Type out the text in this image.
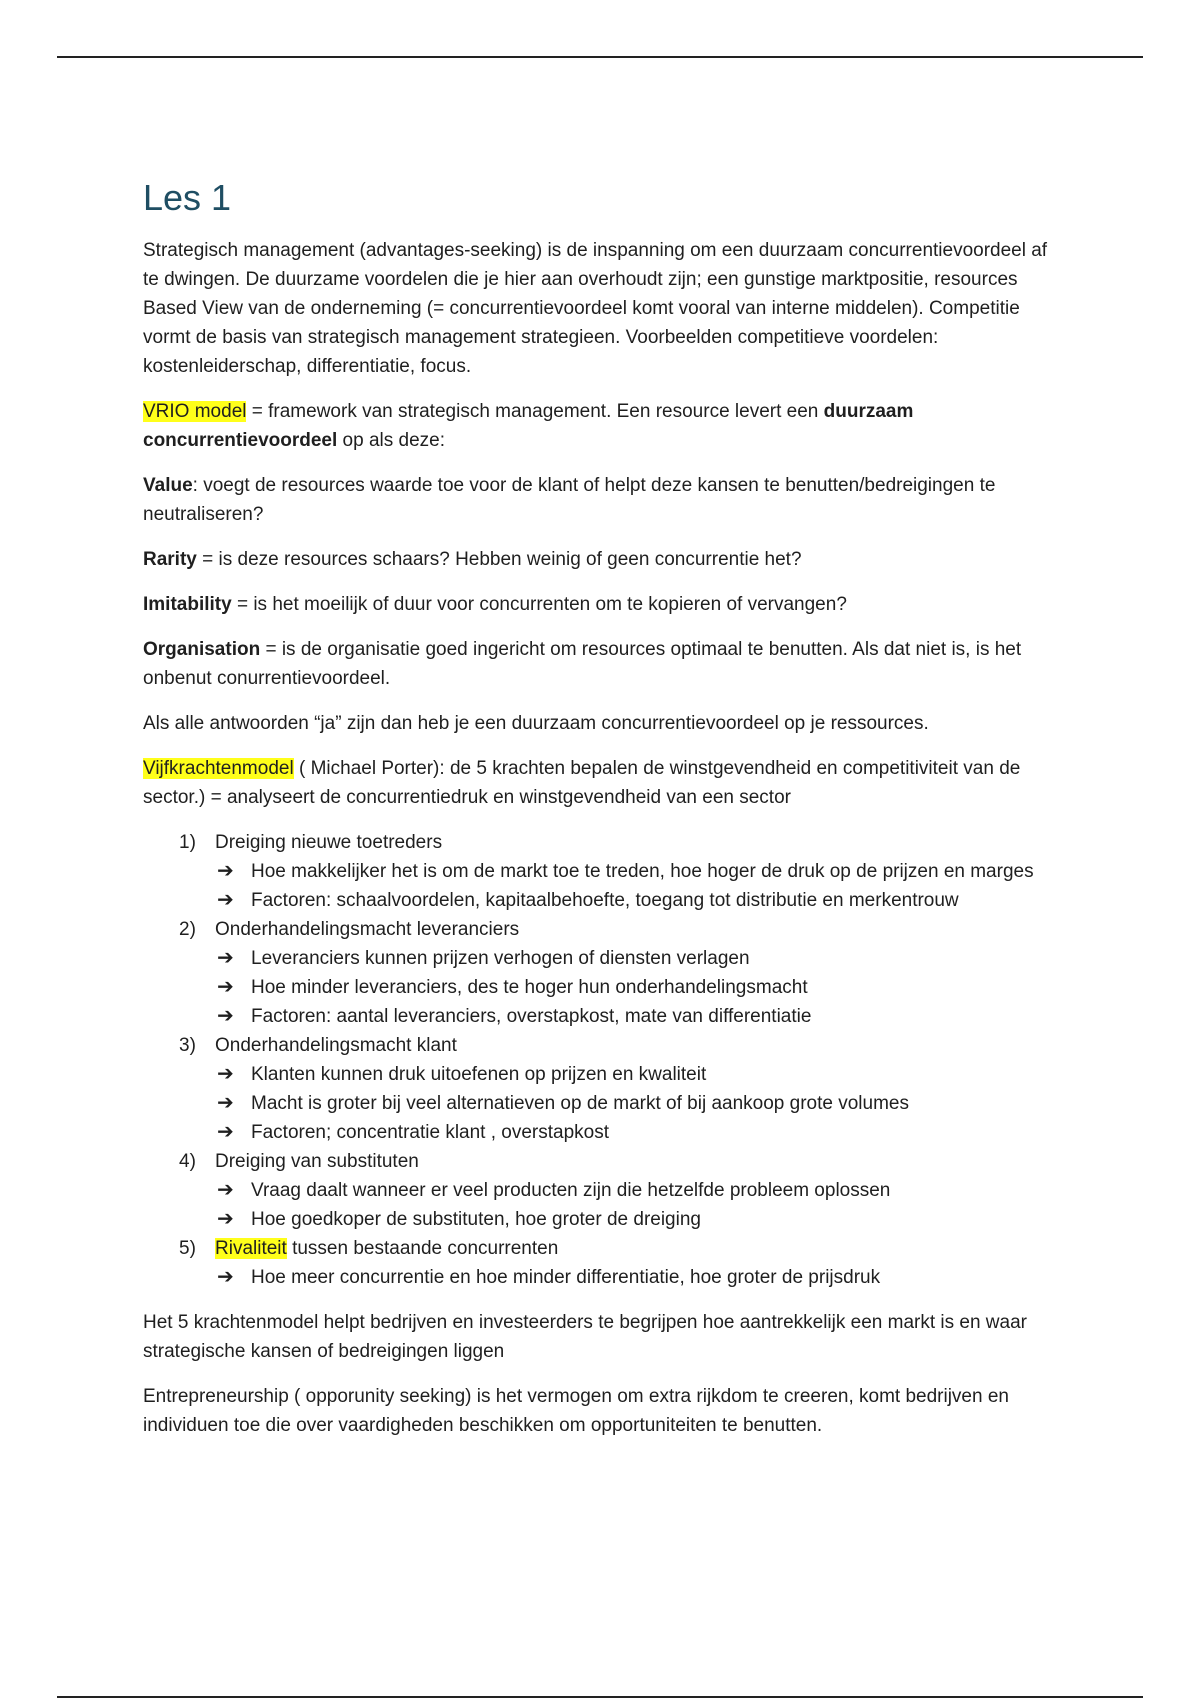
Les 1

Strategisch management (advantages-seeking) is de inspanning om een duurzaam concurrentievoordeel af te dwingen. De duurzame voordelen die je hier aan overhoudt zijn; een gunstige marktpositie, resources Based View van de onderneming (= concurrentievoordeel komt vooral van interne middelen). Competitie vormt de basis van strategisch management strategieen. Voorbeelden competitieve voordelen: kostenleiderschap, differentiatie, focus.

VRIO model = framework van strategisch management. Een resource levert een duurzaam concurrentievoordeel op als deze:

Value: voegt de resources waarde toe voor de klant of helpt deze kansen te benutten/bedreigingen te neutraliseren?

Rarity = is deze resources schaars? Hebben weinig of geen concurrentie het?

Imitability = is het moeilijk of duur voor concurrenten om te kopieren of vervangen?

Organisation = is de organisatie goed ingericht om resources optimaal te benutten. Als dat niet is, is het onbenut conurrentievoordeel.

Als alle antwoorden “ja” zijn dan heb je een duurzaam concurrentievoordeel op je ressources.

Vijfkrachtenmodel ( Michael Porter): de 5 krachten bepalen de winstgevendheid en competitiviteit van de sector.) = analyseert de concurrentiedruk en winstgevendheid van een sector

1) Dreiging nieuwe toetreders
➔ Hoe makkelijker het is om de markt toe te treden, hoe hoger de druk op de prijzen en marges
➔ Factoren: schaalvoordelen, kapitaalbehoefte, toegang tot distributie en merkentrouw
2) Onderhandelingsmacht leveranciers
➔ Leveranciers kunnen prijzen verhogen of diensten verlagen
➔ Hoe minder leveranciers, des te hoger hun onderhandelingsmacht
➔ Factoren: aantal leveranciers, overstapkost, mate van differentiatie
3) Onderhandelingsmacht klant
➔ Klanten kunnen druk uitoefenen op prijzen en kwaliteit
➔ Macht is groter bij veel alternatieven op de markt of bij aankoop grote volumes
➔ Factoren; concentratie klant , overstapkost
4) Dreiging van substituten
➔ Vraag daalt wanneer er veel producten zijn die hetzelfde probleem oplossen
➔ Hoe goedkoper de substituten, hoe groter de dreiging
5) Rivaliteit tussen bestaande concurrenten
➔ Hoe meer concurrentie en hoe minder differentiatie, hoe groter de prijsdruk

Het 5 krachtenmodel helpt bedrijven en investeerders te begrijpen hoe aantrekkelijk een markt is en waar strategische kansen of bedreigingen liggen

Entrepreneurship ( opporunity seeking) is het vermogen om extra rijkdom te creeren, komt bedrijven en individuen toe die over vaardigheden beschikken om opportuniteiten te benutten.
